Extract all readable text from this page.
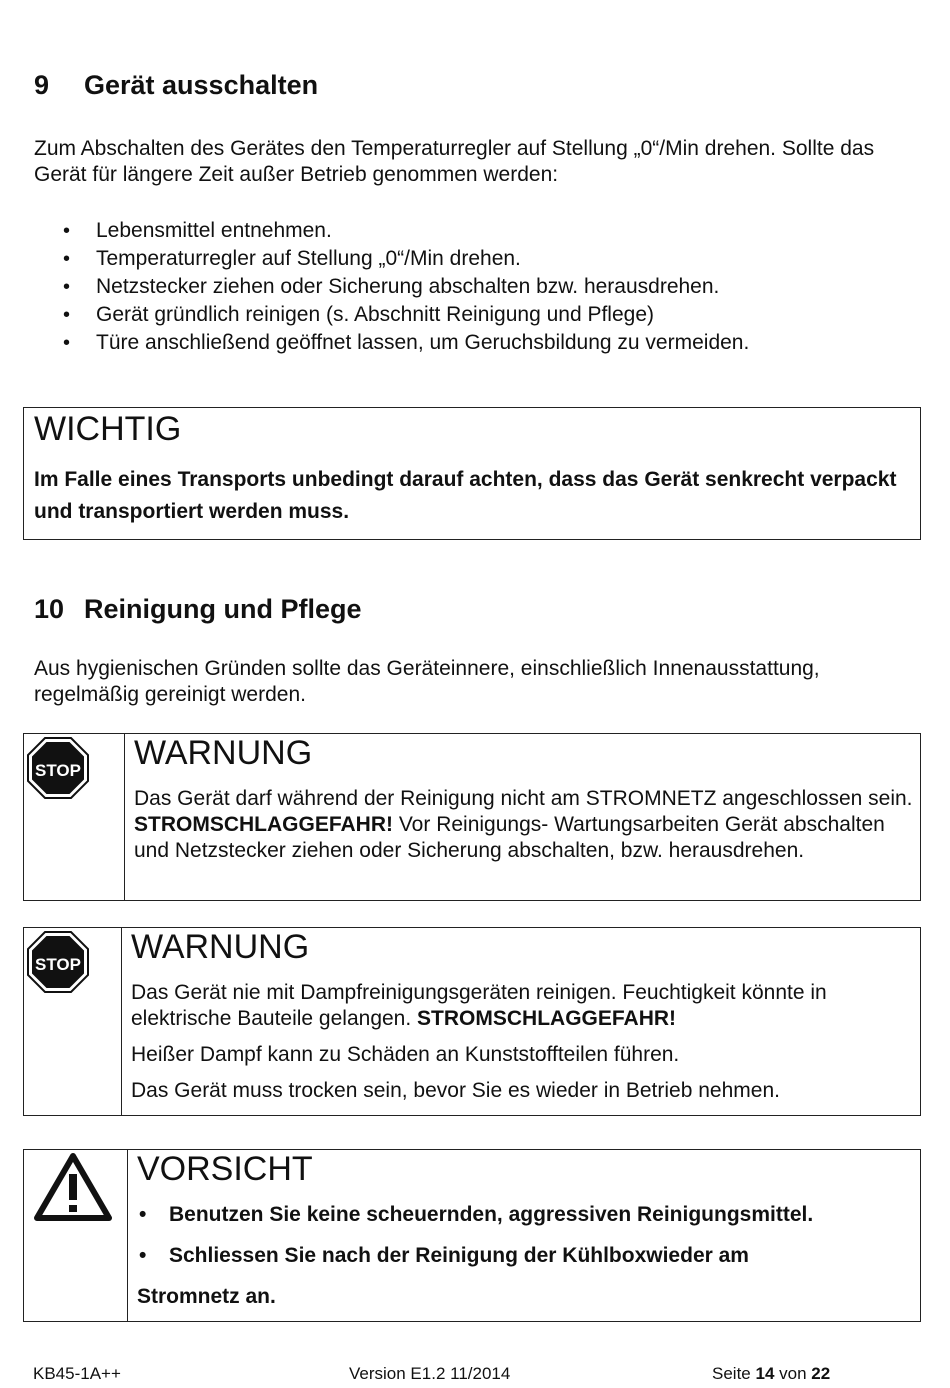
9 Gerät ausschalten
Zum Abschalten des Gerätes den Temperaturregler auf Stellung „0“/Min drehen. Sollte das Gerät für längere Zeit außer Betrieb genommen werden:
• Lebensmittel entnehmen.
• Temperaturregler auf Stellung „0“/Min drehen.
• Netzstecker ziehen oder Sicherung abschalten bzw. herausdrehen.
• Gerät gründlich reinigen (s. Abschnitt Reinigung und Pflege)
• Türe anschließend geöffnet lassen, um Geruchsbildung zu vermeiden.
WICHTIG
Im Falle eines Transports unbedingt darauf achten, dass das Gerät senkrecht verpackt und transportiert werden muss.
10 Reinigung und Pflege
Aus hygienischen Gründen sollte das Geräteinnere, einschließlich Innenausstattung, regelmäßig gereinigt werden.
STOP WARNUNG
Das Gerät darf während der Reinigung nicht am STROMNETZ angeschlossen sein. STROMSCHLAGGEFAHR! Vor Reinigungs- Wartungsarbeiten Gerät abschalten und Netzstecker ziehen oder Sicherung abschalten, bzw. herausdrehen.
STOP WARNUNG

Das Gerät nie mit Dampfreinigungsgeräten reinigen. Feuchtigkeit könnte in elektrische Bauteile gelangen. STROMSCHLAGGEFAHR!

Heißer Dampf kann zu Schäden an Kunststoffteilen führen.

Das Gerät muss trocken sein, bevor Sie es wieder in Betrieb nehmen.

VORSICHT
• Benutzen Sie keine scheuernden, aggressiven Reinigungsmittel.
• Schliessen Sie nach der Reinigung der Kühlboxwieder am
Stromnetz an.
KB45-1A++	Version E1.2 11/2014	Seite 14 von 22
